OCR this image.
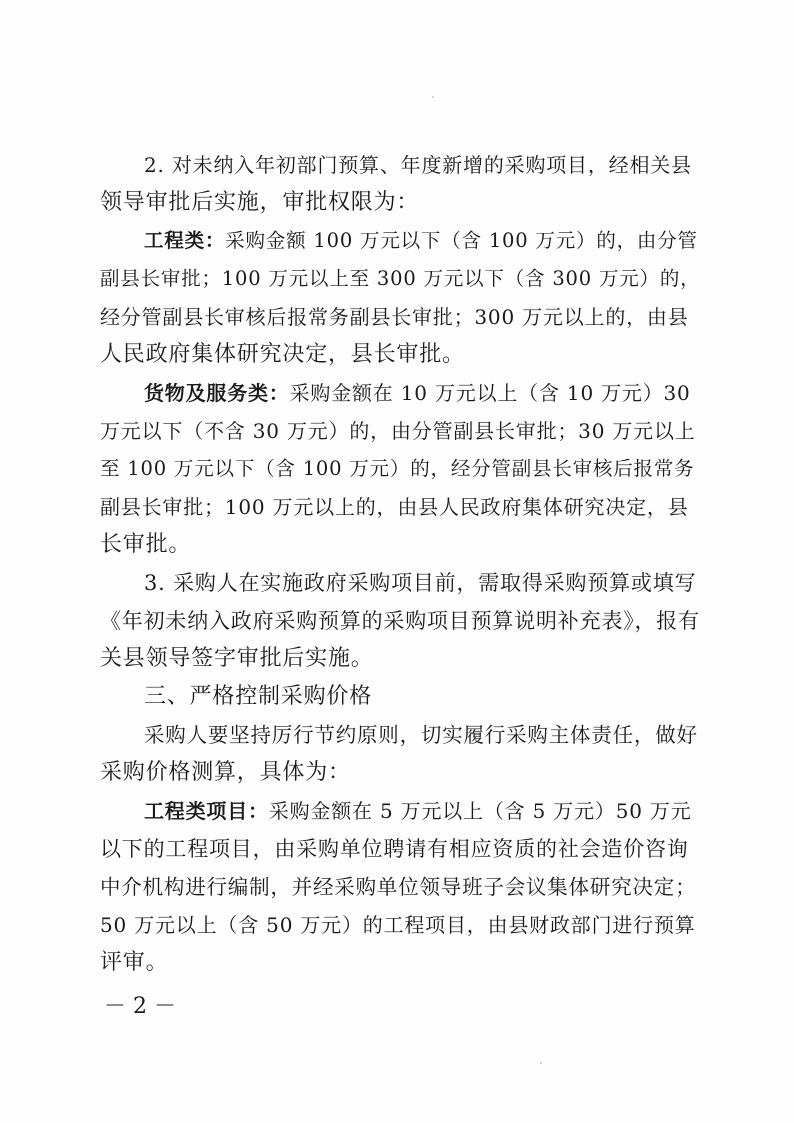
2. 对未纳入年初部门预算、年度新增的采购项目，经相关县
领导审批后实施，审批权限为：
工程类：采购金额 100 万元以下（含 100 万元）的，由分管
副县长审批；100 万元以上至 300 万元以下（含 300 万元）的，
经分管副县长审核后报常务副县长审批；300 万元以上的，由县
人民政府集体研究决定，县长审批。
货物及服务类：采购金额在 10 万元以上（含 10 万元）30
万元以下（不含 30 万元）的，由分管副县长审批；30 万元以上
至 100 万元以下（含 100 万元）的，经分管副县长审核后报常务
副县长审批；100 万元以上的，由县人民政府集体研究决定，县
长审批。
3. 采购人在实施政府采购项目前，需取得采购预算或填写
《年初未纳入政府采购预算的采购项目预算说明补充表》，报有
关县领导签字审批后实施。
三、严格控制采购价格
采购人要坚持厉行节约原则，切实履行采购主体责任，做好
采购价格测算，具体为：
工程类项目：采购金额在 5 万元以上（含 5 万元）50 万元
以下的工程项目，由采购单位聘请有相应资质的社会造价咨询
中介机构进行编制，并经采购单位领导班子会议集体研究决定；
50 万元以上（含 50 万元）的工程项目，由县财政部门进行预算
评审。
－ 2 －
